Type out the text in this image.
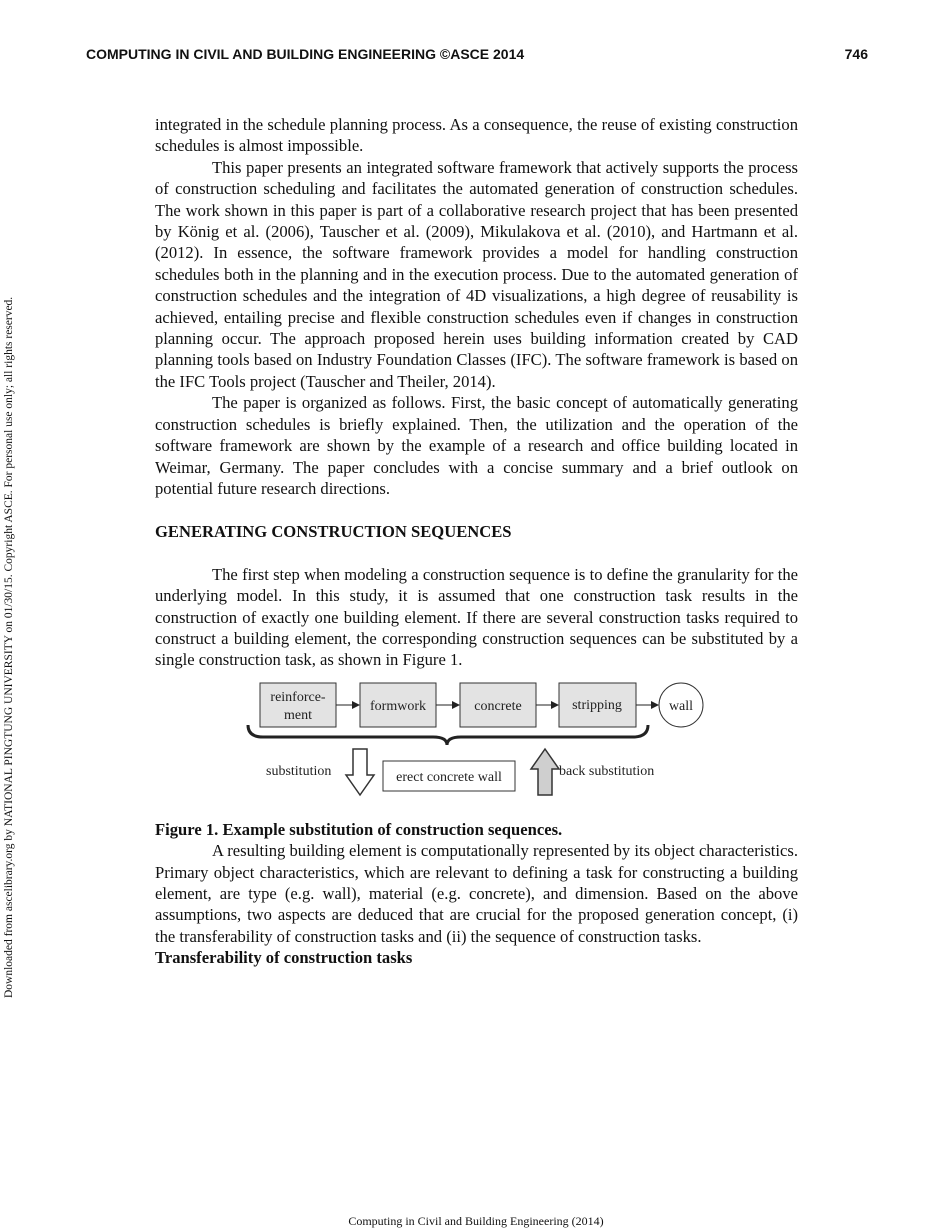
COMPUTING IN CIVIL AND BUILDING ENGINEERING ©ASCE 2014	746
Downloaded from ascelibrary.org by NATIONAL PINGTUNG UNIVERSITY on 01/30/15. Copyright ASCE. For personal use only; all rights reserved.

integrated in the schedule planning process. As a consequence, the reuse of existing construction schedules is almost impossible.

This paper presents an integrated software framework that actively supports the process of construction scheduling and facilitates the automated generation of construction schedules. The work shown in this paper is part of a collaborative research project that has been presented by König et al. (2006), Tauscher et al. (2009), Mikulakova et al. (2010), and Hartmann et al. (2012). In essence, the software framework provides a model for handling construction schedules both in the planning and in the execution process. Due to the automated generation of construction schedules and the integration of 4D visualizations, a high degree of reusability is achieved, entailing precise and flexible construction schedules even if changes in construction planning occur. The approach proposed herein uses building information created by CAD planning tools based on Industry Foundation Classes (IFC). The software framework is based on the IFC Tools project (Tauscher and Theiler, 2014).

The paper is organized as follows. First, the basic concept of automatically generating construction schedules is briefly explained. Then, the utilization and the operation of the software framework are shown by the example of a research and office building located in Weimar, Germany. The paper concludes with a concise summary and a brief outlook on potential future research directions.

GENERATING CONSTRUCTION SEQUENCES

The first step when modeling a construction sequence is to define the granularity for the underlying model. In this study, it is assumed that one construction task results in the construction of exactly one building element. If there are several construction tasks required to construct a building element, the corresponding construction sequences can be substituted by a single construction task, as shown in Figure 1.

reinforce-
ment
formwork	concrete	stripping	wall
substitution	erect concrete wall	back substitution

Figure 1. Example substitution of construction sequences.

A resulting building element is computationally represented by its object characteristics. Primary object characteristics, which are relevant to defining a task for constructing a building element, are type (e.g. wall), material (e.g. concrete), and dimension. Based on the above assumptions, two aspects are deduced that are crucial for the proposed generation concept, (i) the transferability of construction tasks and (ii) the sequence of construction tasks.

Transferability of construction tasks
Computing in Civil and Building Engineering (2014)
